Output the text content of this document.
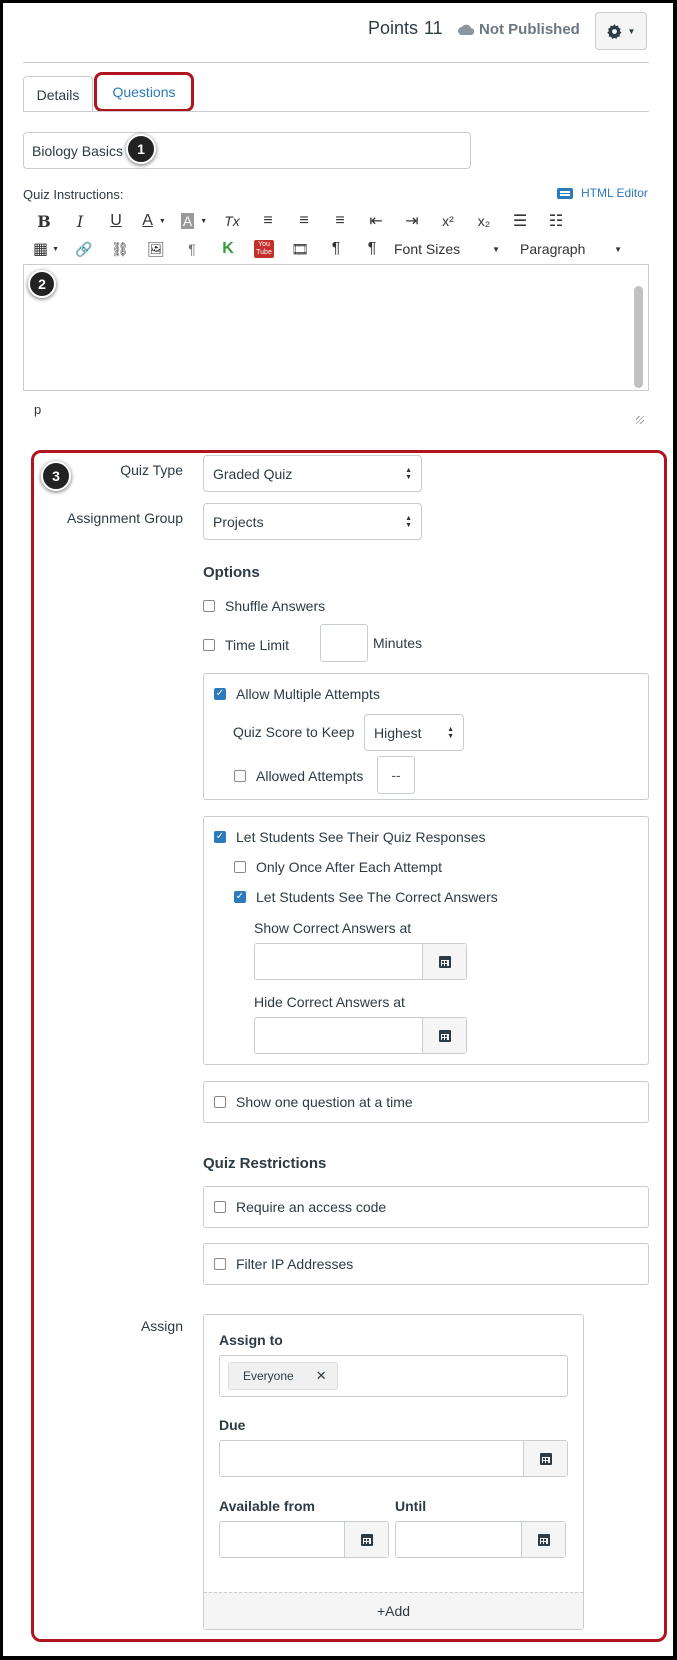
Points 11 Not Published	▼
Details	Questions
Biology Basics	1
Quiz Instructions:	HTML Editor
B	I	U	A ▼ A ▼	Tx	≡	≡	≡	⇤	⇥	x²	x₂	☰	☷
▦ ▼	🔗	⛓	🖼	¶	K	You Tube	🎞	¶	¶	Font Sizes	▼ Paragraph	▼
2
p
3	Quiz Type Graded Quiz	▲
▼
Assignment Group Projects	▲
▼
Options
Shuffle Answers
Time Limit	Minutes
✓ Allow Multiple Attempts
Quiz Score to Keep Highest	▲
▼
Allowed Attempts	--
✓ Let Students See Their Quiz Responses
Only Once After Each Attempt
✓ Let Students See The Correct Answers
Show Correct Answers at
Hide Correct Answers at
Show one question at a time
Quiz Restrictions
Require an access code
Filter IP Addresses
Assign
Assign to
Everyone ✕
Due
Available from	Until
+Add
